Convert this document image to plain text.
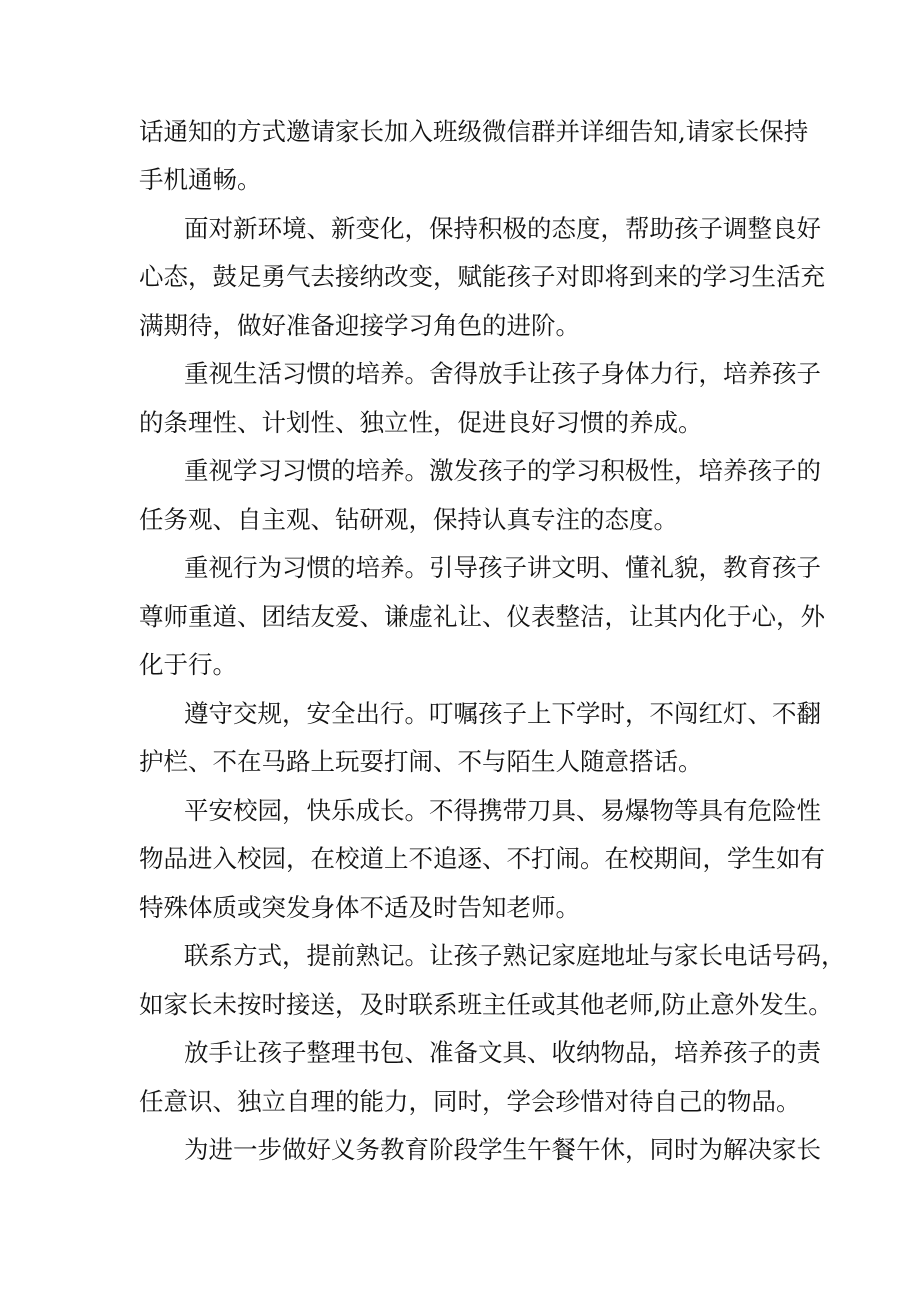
话通知的方式邀请家长加入班级微信群并详细告知,请家长保持
手机通畅。
面对新环境、新变化，保持积极的态度，帮助孩子调整良好
心态，鼓足勇气去接纳改变，赋能孩子对即将到来的学习生活充
满期待，做好准备迎接学习角色的进阶。
重视生活习惯的培养。舍得放手让孩子身体力行，培养孩子
的条理性、计划性、独立性，促进良好习惯的养成。
重视学习习惯的培养。激发孩子的学习积极性，培养孩子的
任务观、自主观、钻研观，保持认真专注的态度。
重视行为习惯的培养。引导孩子讲文明、懂礼貌，教育孩子
尊师重道、团结友爱、谦虚礼让、仪表整洁，让其内化于心，外
化于行。
遵守交规，安全出行。叮嘱孩子上下学时，不闯红灯、不翻
护栏、不在马路上玩耍打闹、不与陌生人随意搭话。
平安校园，快乐成长。不得携带刀具、易爆物等具有危险性
物品进入校园，在校道上不追逐、不打闹。在校期间，学生如有
特殊体质或突发身体不适及时告知老师。
联系方式，提前熟记。让孩子熟记家庭地址与家长电话号码，
如家长未按时接送，及时联系班主任或其他老师,防止意外发生。
放手让孩子整理书包、准备文具、收纳物品，培养孩子的责
任意识、独立自理的能力，同时，学会珍惜对待自己的物品。
为进一步做好义务教育阶段学生午餐午休，同时为解决家长
